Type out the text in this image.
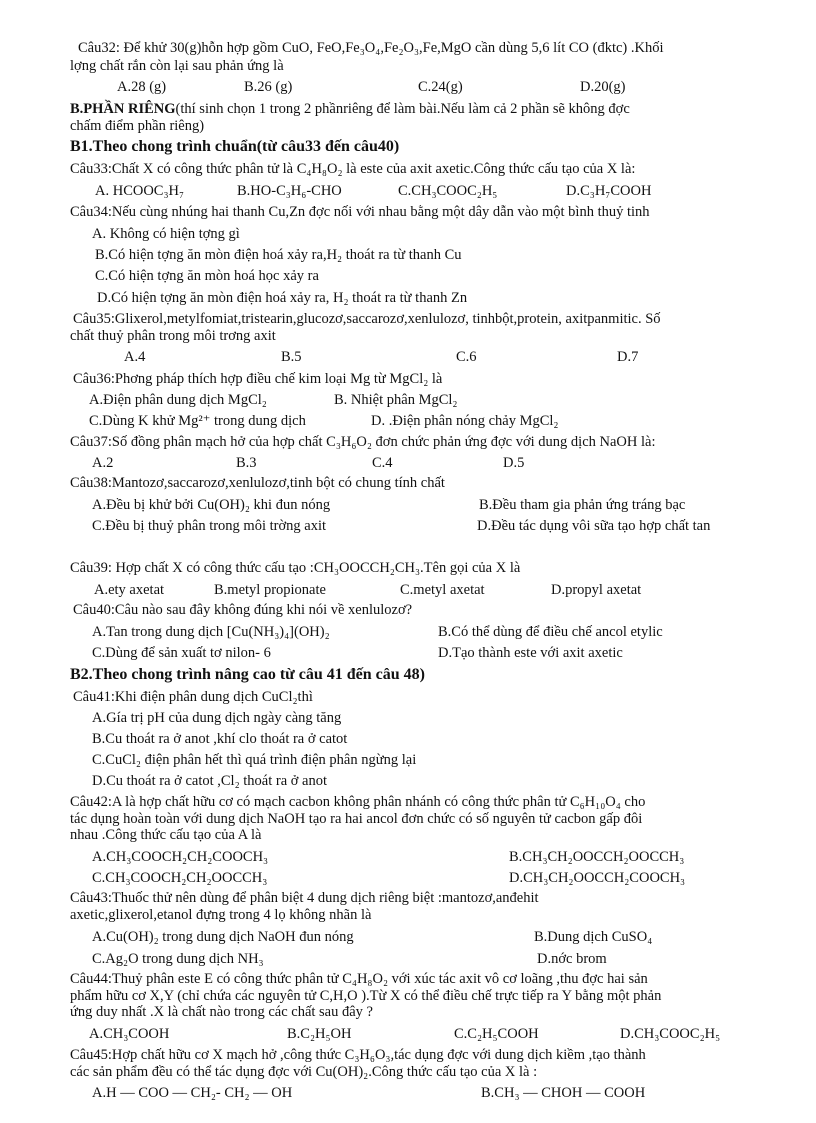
Câu32: Để khử 30(g)hỗn hợp gồm CuO, FeO,Fe₃O₄,Fe₂O₃,Fe,MgO cần dùng 5,6 lít CO (đktc) .Khối
lợng chất rắn còn lại sau phản ứng là
A.28 (g)	B.26 (g)	C.24(g)	D.20(g)
B.PHẦN RIÊNG(thí sinh chọn 1 trong 2 phầnriêng để làm bài.Nếu làm cả 2 phần sẽ không đợc
chấm điểm phần riêng)
B1.Theo chong trình chuẩn(từ câu33 đến câu40)
Câu33:Chất X có công thức phân tử là C₄H₈O₂ là este của axit axetic.Công thức cấu tạo của X là:
A. HCOOC₃H₇	B.HO-C₃H₆-CHO	C.CH₃COOC₂H₅	D.C₃H₇COOH
Câu34:Nếu cùng nhúng hai thanh Cu,Zn đợc nối với nhau bằng một dây dẫn vào một bình thuỷ tinh
A. Không có hiện tợng gì
B.Có hiện tợng ăn mòn điện hoá xảy ra,H₂ thoát ra từ thanh Cu
C.Có hiện tợng ăn mòn hoá học xảy ra
D.Có hiện tợng ăn mòn điện hoá xảy ra, H₂ thoát ra từ thanh Zn
Câu35:Glixerol,metylfomiat,tristearin,glucozơ,saccarozơ,xenlulozơ, tinhbột,protein, axitpanmitic. Số
chất thuỷ phân trong môi trơng axit
A.4	B.5	C.6	D.7
Câu36:Phơng pháp thích hợp điều chế kim loại Mg từ MgCl₂ là
A.Điện phân dung dịch MgCl₂	B. Nhiệt phân MgCl₂
C.Dùng K khử Mg²⁺ trong dung dịch	D. .Điện phân nóng chảy MgCl₂
Câu37:Số đồng phân mạch hở của hợp chất C₃H₆O₂ đơn chức phản ứng đợc với dung dịch NaOH là:
A.2	B.3	C.4	D.5
Câu38:Mantozơ,saccarozơ,xenlulozơ,tinh bột có chung tính chất
A.Đều bị khử bởi Cu(OH)₂ khi đun nóng	B.Đều tham gia phản ứng tráng bạc
C.Đều bị thuỷ phân trong môi trờng axit	D.Đều tác dụng vôi sữa tạo hợp chất tan
Câu39: Hợp chất X có công thức cấu tạo :CH₃OOCCH₂CH₃.Tên gọi của X là
A.ety axetat	B.metyl propionate	C.metyl axetat	D.propyl axetat
Câu40:Câu nào sau đây không đúng khi nói về xenlulozơ?
A.Tan trong dung dịch [Cu(NH₃)₄](OH)₂	B.Có thể dùng để điều chế ancol etylic
C.Dùng để sản xuất tơ nilon- 6	D.Tạo thành este với axit axetic
B2.Theo chong trình nâng cao từ câu 41 đến câu 48)
Câu41:Khi điện phân dung dịch CuCl₂thì
A.Gía trị pH của dung dịch ngày càng tăng
B.Cu thoát ra ở anot ,khí clo thoát ra ở catot
C.CuCl₂ điện phân hết thì quá trình điện phân ngừng lại
D.Cu thoát ra ở catot ,Cl₂ thoát ra ở anot
Câu42:A là hợp chất hữu cơ có mạch cacbon không phân nhánh có công thức phân tử C₆H₁₀O₄ cho
tác dụng hoàn toàn với dung dịch NaOH tạo ra hai ancol đơn chức có số nguyên tử cacbon gấp đôi
nhau .Công thức cấu tạo của A là
A.CH₃COOCH₂CH₂COOCH₃	B.CH₃CH₂OOCCH₂OOCCH₃
C.CH₃COOCH₂CH₂OOCCH₃	D.CH₃CH₂OOCCH₂COOCH₃
Câu43:Thuốc thử nên dùng để phân biệt 4 dung dịch riêng biệt :mantozơ,anđehit
axetic,glixerol,etanol đựng trong 4 lọ không nhãn là
A.Cu(OH)₂ trong dung dịch NaOH đun nóng	B.Dung dịch CuSO₄
C.Ag₂O trong dung dịch NH₃	D.nớc brom
Câu44:Thuỷ phân este E có công thức phân tử C₄H₈O₂ với xúc tác axit vô cơ loãng ,thu đợc hai sản
phẩm hữu cơ X,Y (chỉ chứa các nguyên tử C,H,O ).Từ X có thể điều chế trực tiếp ra Y bằng một phản
ứng duy nhất .X là chất nào trong các chất sau đây ?
A.CH₃COOH	B.C₂H₅OH	C.C₂H₅COOH	D.CH₃COOC₂H₅
Câu45:Hợp chất hữu cơ X mạch hở ,công thức C₃H₆O₃,tác dụng đợc với dung dịch kiềm ,tạo thành
các sản phẩm đều có thể tác dụng đợc với Cu(OH)₂.Công thức cấu tạo của X là :
A.H — COO — CH₂- CH₂ — OH	B.CH₃ — CHOH — COOH
